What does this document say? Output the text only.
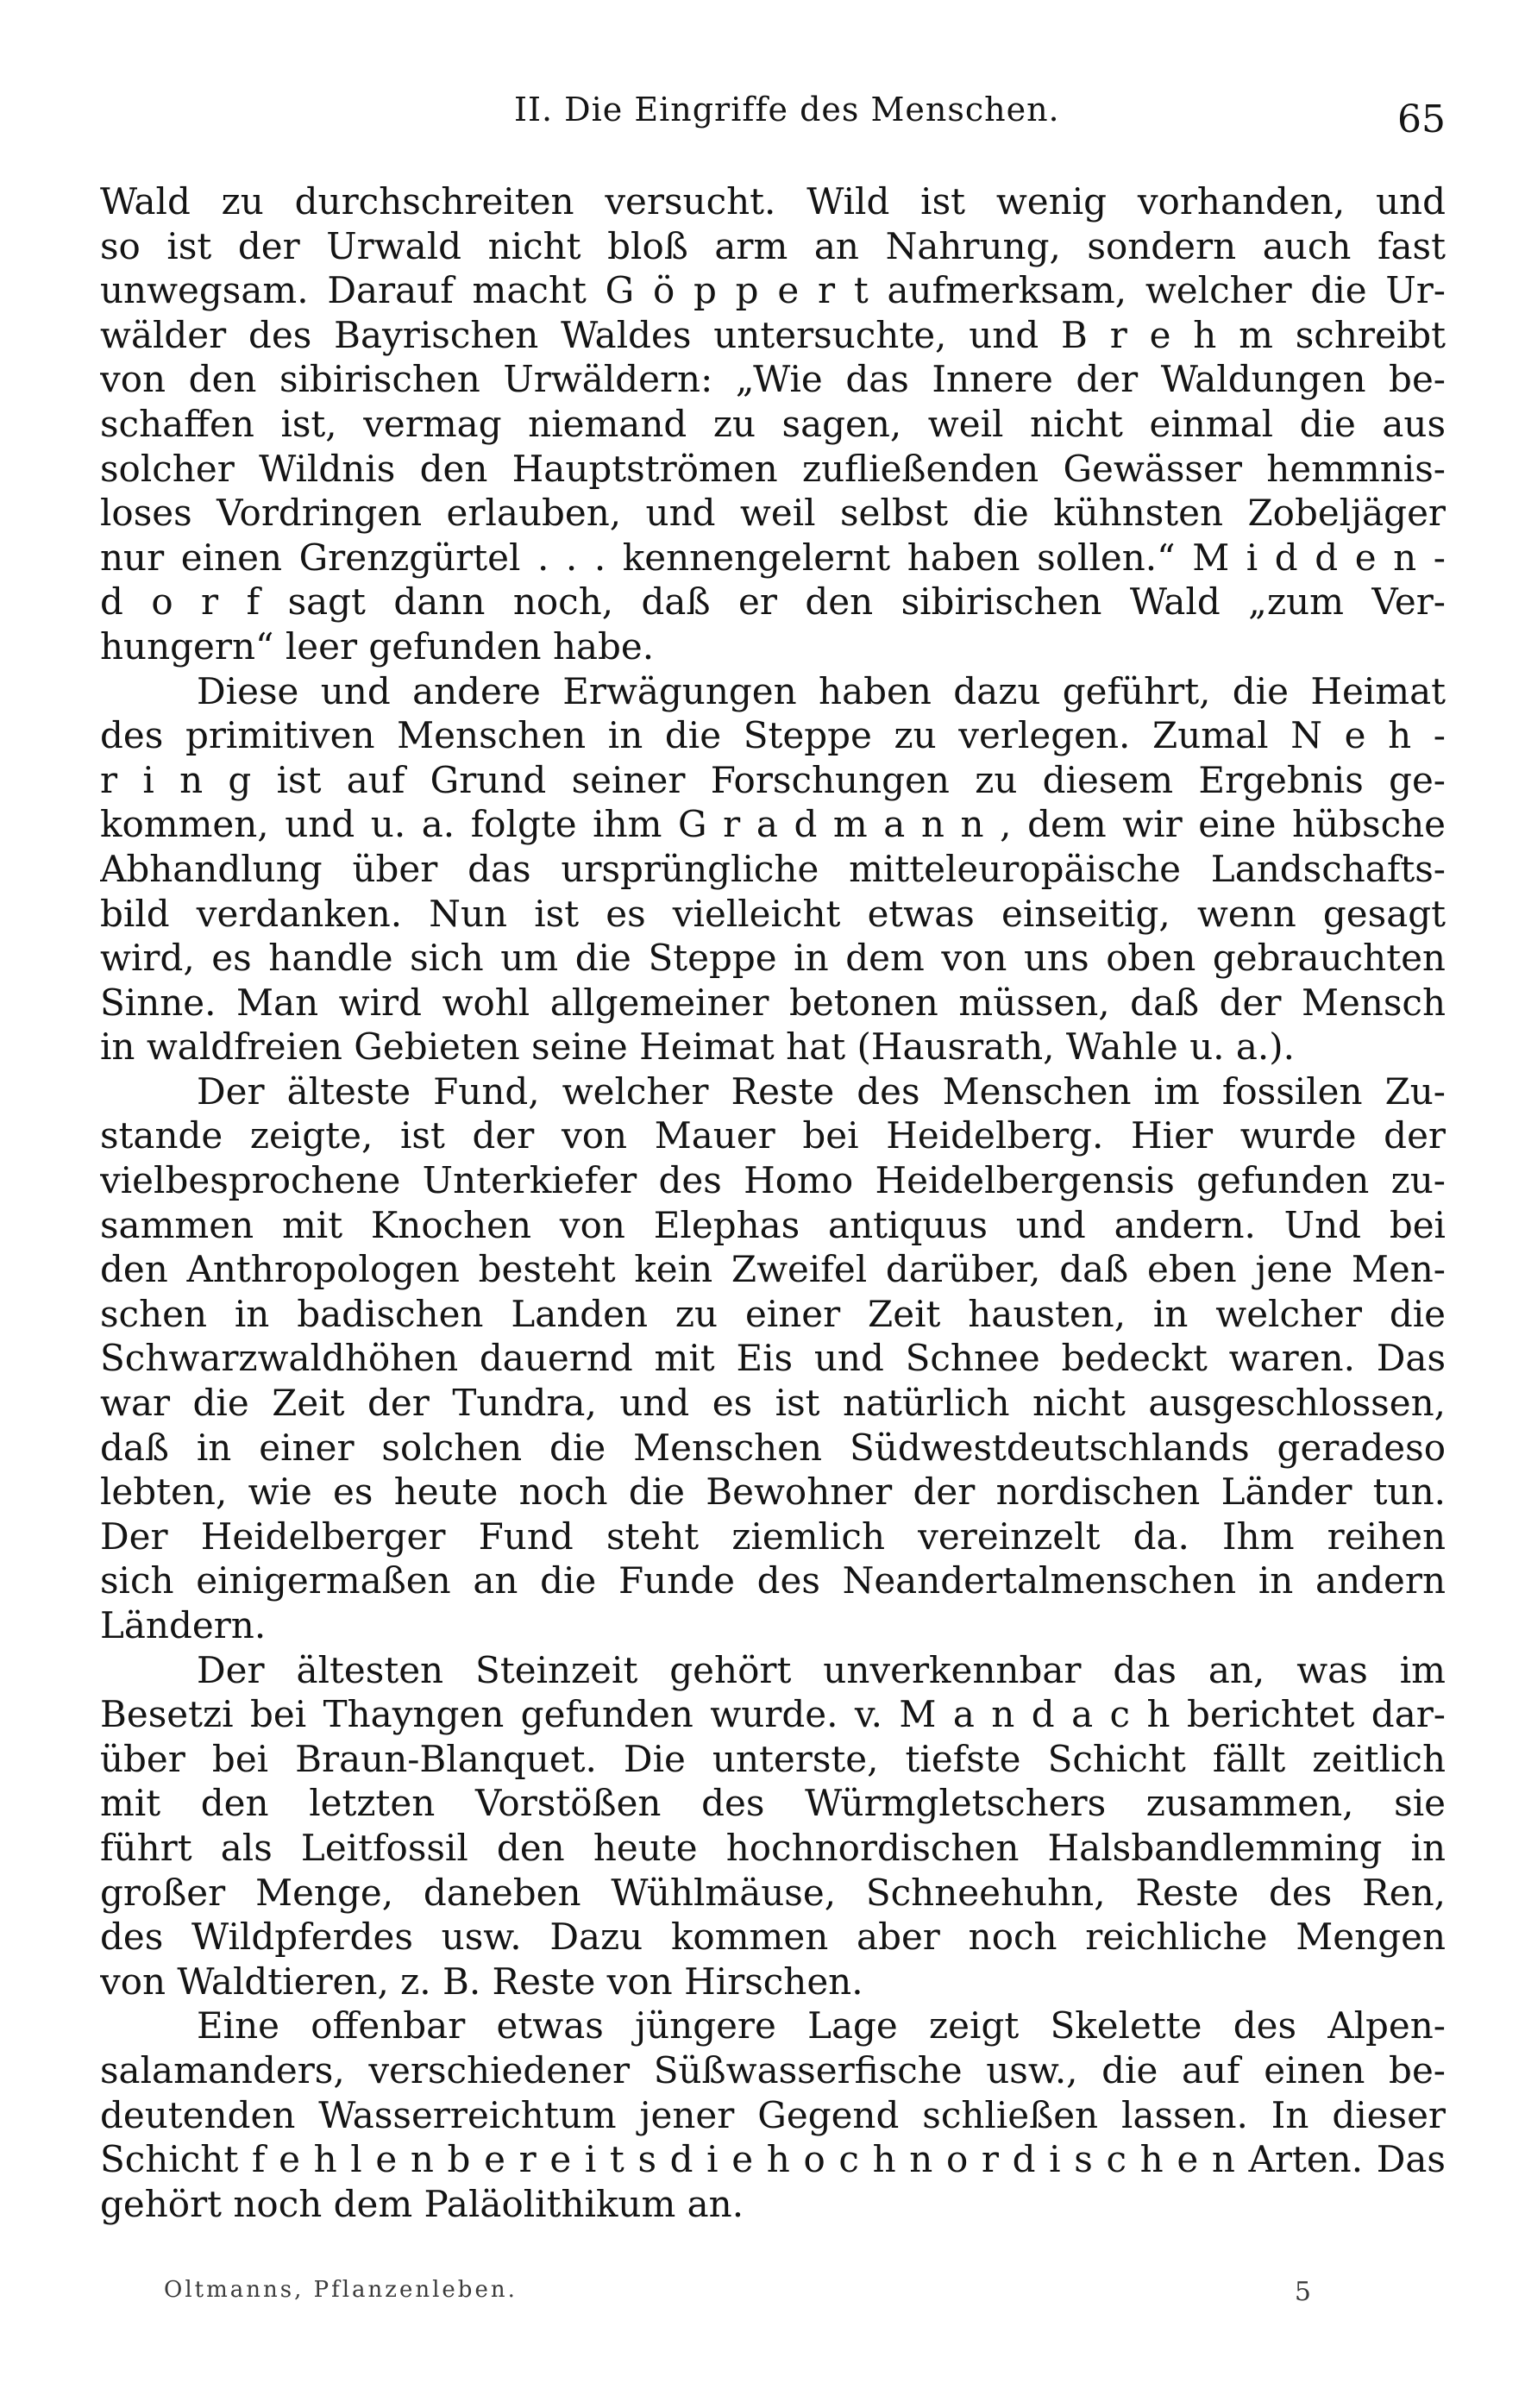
II. Die Eingriffe des Menschen.	65
Wald zu durchschreiten versucht. Wild ist wenig vorhanden, und
so ist der Urwald nicht bloß arm an Nahrung, sondern auch fast
unwegsam. Darauf macht G ö p p e r t aufmerksam, welcher die Ur-
wälder des Bayrischen Waldes untersuchte, und B r e h m schreibt
von den sibirischen Urwäldern: „Wie das Innere der Waldungen be-
schaffen ist, vermag niemand zu sagen, weil nicht einmal die aus
solcher Wildnis den Hauptströmen zufließenden Gewässer hemmnis-
loses Vordringen erlauben, und weil selbst die kühnsten Zobeljäger
nur einen Grenzgürtel . . . kennengelernt haben sollen.“ M i d d e n -
d o r f sagt dann noch, daß er den sibirischen Wald „zum Ver-
hungern“ leer gefunden habe.
Diese und andere Erwägungen haben dazu geführt, die Heimat
des primitiven Menschen in die Steppe zu verlegen. Zumal N e h -
r i n g ist auf Grund seiner Forschungen zu diesem Ergebnis ge-
kommen, und u. a. folgte ihm G r a d m a n n , dem wir eine hübsche
Abhandlung über das ursprüngliche mitteleuropäische Landschafts-
bild verdanken. Nun ist es vielleicht etwas einseitig, wenn gesagt
wird, es handle sich um die Steppe in dem von uns oben gebrauchten
Sinne. Man wird wohl allgemeiner betonen müssen, daß der Mensch
in waldfreien Gebieten seine Heimat hat (Hausrath, Wahle u. a.).
Der älteste Fund, welcher Reste des Menschen im fossilen Zu-
stande zeigte, ist der von Mauer bei Heidelberg. Hier wurde der
vielbesprochene Unterkiefer des Homo Heidelbergensis gefunden zu-
sammen mit Knochen von Elephas antiquus und andern. Und bei
den Anthropologen besteht kein Zweifel darüber, daß eben jene Men-
schen in badischen Landen zu einer Zeit hausten, in welcher die
Schwarzwaldhöhen dauernd mit Eis und Schnee bedeckt waren. Das
war die Zeit der Tundra, und es ist natürlich nicht ausgeschlossen,
daß in einer solchen die Menschen Südwestdeutschlands geradeso
lebten, wie es heute noch die Bewohner der nordischen Länder tun.
Der Heidelberger Fund steht ziemlich vereinzelt da. Ihm reihen
sich einigermaßen an die Funde des Neandertalmenschen in andern
Ländern.
Der ältesten Steinzeit gehört unverkennbar das an, was im
Besetzi bei Thayngen gefunden wurde. v. M a n d a c h berichtet dar-
über bei Braun-Blanquet. Die unterste, tiefste Schicht fällt zeitlich
mit den letzten Vorstößen des Würmgletschers zusammen, sie
führt als Leitfossil den heute hochnordischen Halsbandlemming in
großer Menge, daneben Wühlmäuse, Schneehuhn, Reste des Ren,
des Wildpferdes usw. Dazu kommen aber noch reichliche Mengen
von Waldtieren, z. B. Reste von Hirschen.
Eine offenbar etwas jüngere Lage zeigt Skelette des Alpen-
salamanders, verschiedener Süßwasserfische usw., die auf einen be-
deutenden Wasserreichtum jener Gegend schließen lassen. In dieser
Schicht f e h l e n b e r e i t s d i e h o c h n o r d i s c h e n Arten. Das
gehört noch dem Paläolithikum an.
Oltmanns, Pflanzenleben.	5
